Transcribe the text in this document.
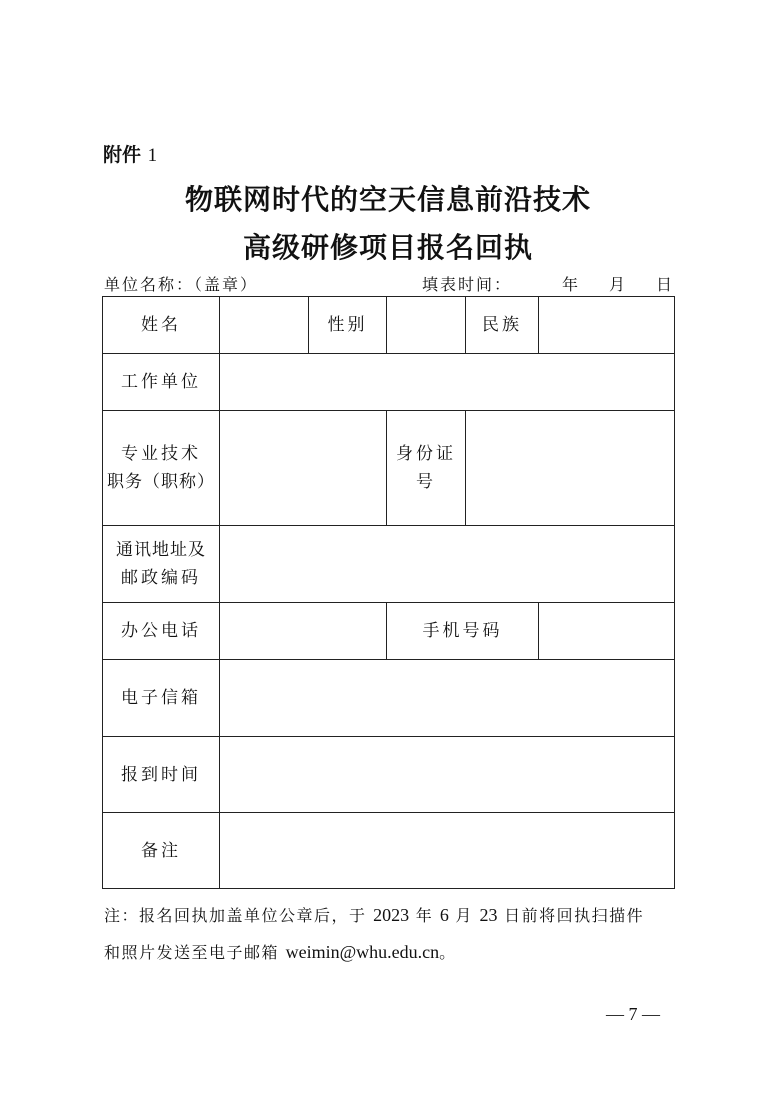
附件 1
物联网时代的空天信息前沿技术
高级研修项目报名回执
单位名称：（盖章）	填表时间：	年 月 日
姓名		性别		民族	
工作单位					

专业技术
职务（职称）			身份证号		

通讯地址及
邮政编码					

办公电话			手机号码		
电子信箱					
报到时间					
备注					
注：报名回执加盖单位公章后，于 2023 年 6 月 23 日前将回执扫描件
和照片发送至电子邮箱 weimin@whu.edu.cn。
— 7 —
